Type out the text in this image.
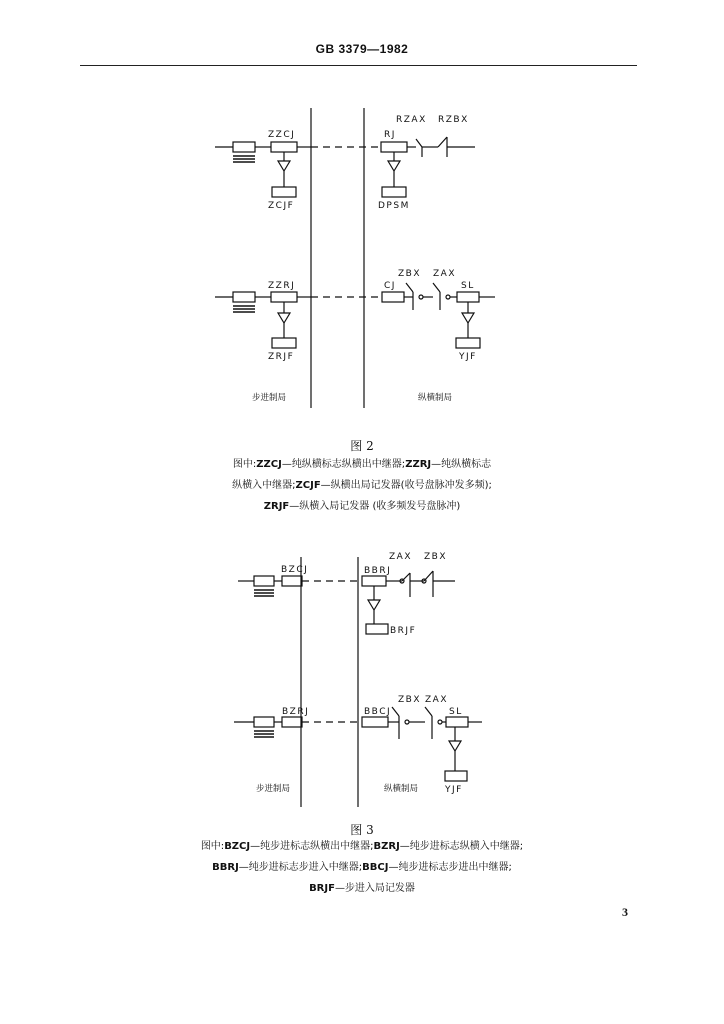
GB 3379—1982
ZZCJ
ZCJF
RJ
DPSM
RZAX RZBX
ZZRJ
ZRJF
CJ
ZBX ZAX
SL
YJF
步进制局	纵横制局
图 2
图中:ZZCJ—纯纵横标志纵横出中继器;ZZRJ—纯纵横标志
纵横入中继器;ZCJF—纵横出局记发器(收号盘脉冲发多频);
ZRJF—纵横入局记发器 (收多频发号盘脉冲)
BZCJ	BBRJ
BRJF
ZAX ZBX
BZRJ	BBCJ
ZBX ZAX
SL
YJF
步进制局	纵横制局
图 3
图中:BZCJ—纯步进标志纵横出中继器;BZRJ—纯步进标志纵横入中继器;
BBRJ—纯步进标志步进入中继器;BBCJ—纯步进标志步进出中继器;
BRJF—步进入局记发器
3
